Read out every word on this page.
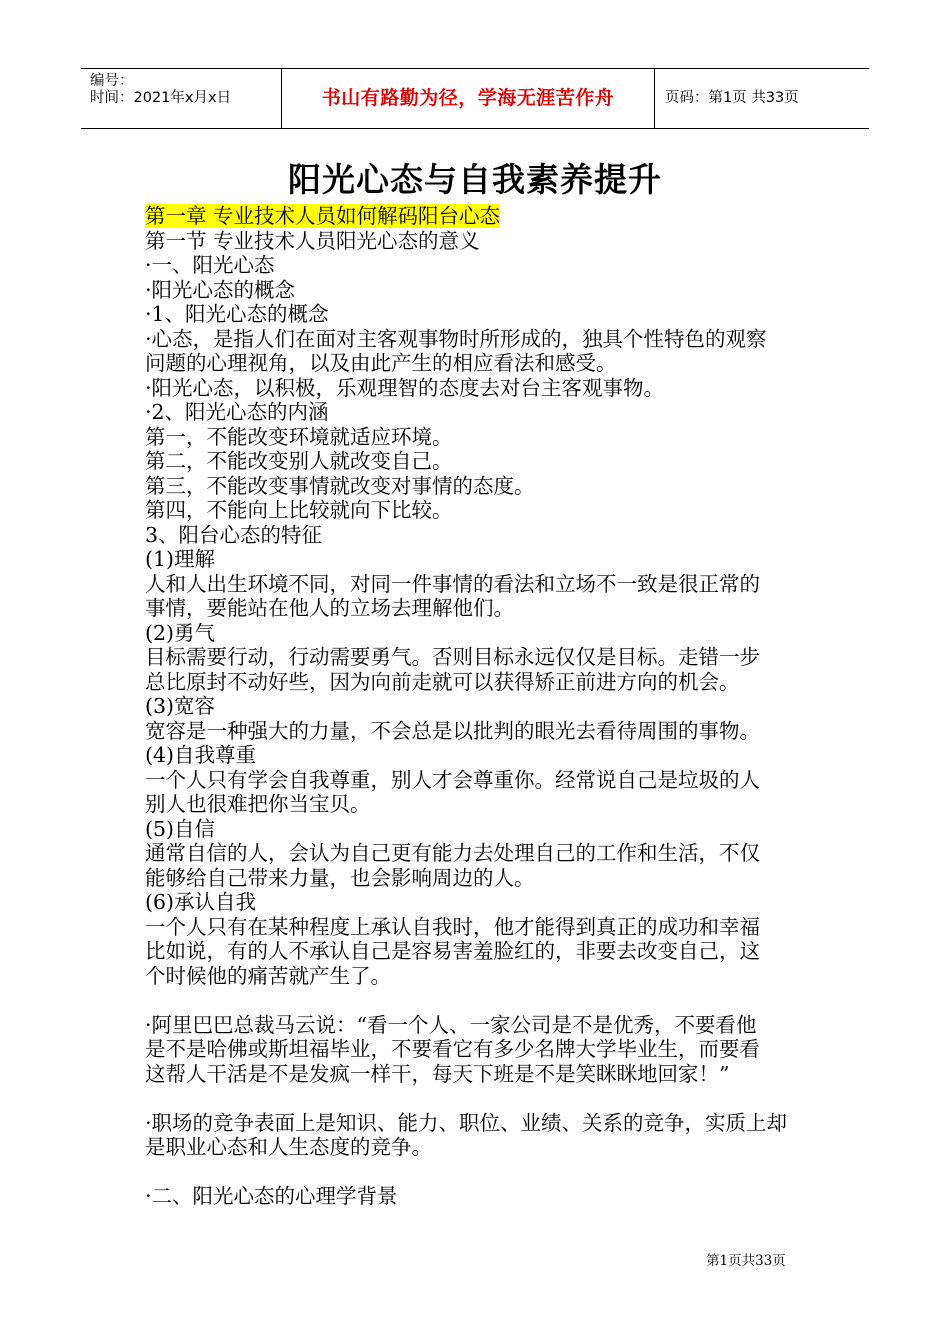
编号：
时间：2021年x月x日	书山有路勤为径，学海无涯苦作舟	页码：第1页 共33页
阳光心态与自我素养提升
第一章 专业技术人员如何解码阳台心态
第一节 专业技术人员阳光心态的意义
·一、阳光心态
·阳光心态的概念
·1、阳光心态的概念
·心态，是指人们在面对主客观事物时所形成的，独具个性特色的观察
问题的心理视角，以及由此产生的相应看法和感受。
·阳光心态，以积极，乐观理智的态度去对台主客观事物。
·2、阳光心态的内涵
第一，不能改变环境就适应环境。
第二，不能改变别人就改变自己。
第三，不能改变事情就改变对事情的态度。
第四，不能向上比较就向下比较。
3、阳台心态的特征
(1)理解
人和人出生环境不同，对同一件事情的看法和立场不一致是很正常的
事情，要能站在他人的立场去理解他们。
(2)勇气
目标需要行动，行动需要勇气。否则目标永远仅仅是目标。走错一步
总比原封不动好些，因为向前走就可以获得矫正前进方向的机会。
(3)宽容
宽容是一种强大的力量，不会总是以批判的眼光去看待周围的事物。
(4)自我尊重
一个人只有学会自我尊重，别人才会尊重你。经常说自己是垃圾的人
别人也很难把你当宝贝。
(5)自信
通常自信的人，会认为自己更有能力去处理自己的工作和生活，不仅
能够给自己带来力量，也会影响周边的人。
(6)承认自我
一个人只有在某种程度上承认自我时，他才能得到真正的成功和幸福
比如说，有的人不承认自己是容易害羞脸红的，非要去改变自己，这
个时候他的痛苦就产生了。
·阿里巴巴总裁马云说：“看一个人、一家公司是不是优秀，不要看他
是不是哈佛或斯坦福毕业，不要看它有多少名牌大学毕业生，而要看
这帮人干活是不是发疯一样干，每天下班是不是笑眯眯地回家！”
·职场的竞争表面上是知识、能力、职位、业绩、关系的竞争，实质上却
是职业心态和人生态度的竞争。
·二、阳光心态的心理学背景
第1页共33页
